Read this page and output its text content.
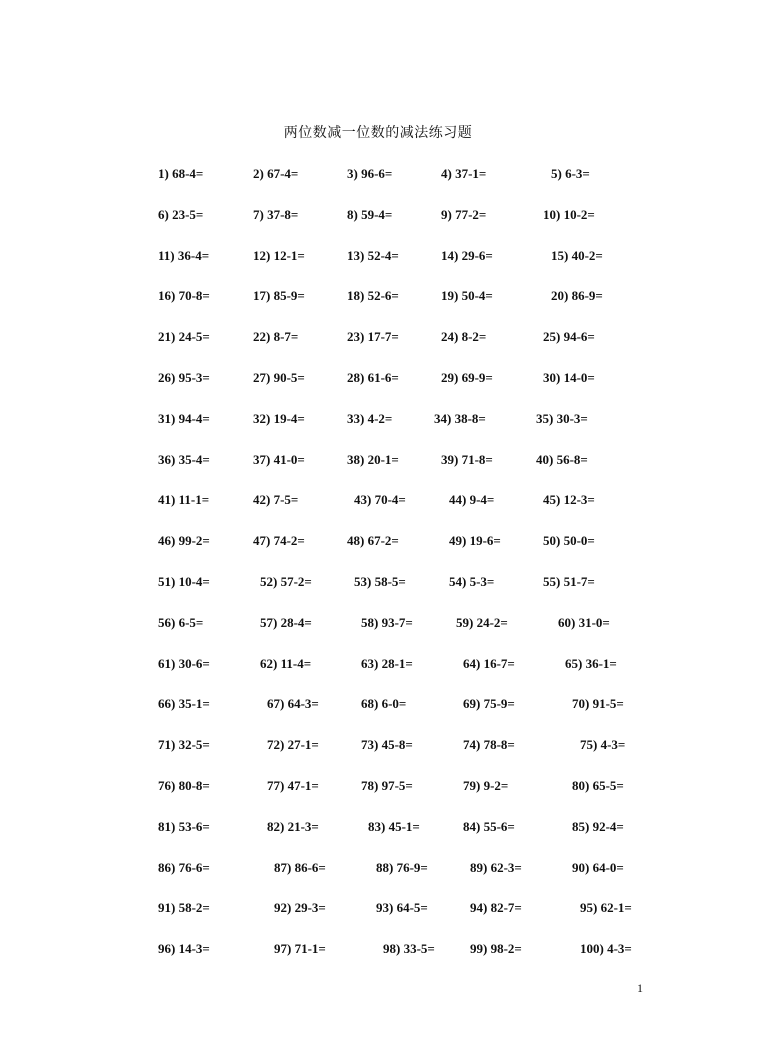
两位数减一位数的减法练习题
1) 68-4=	2) 67-4=	3) 96-6=	4) 37-1=	5) 6-3=
6) 23-5=	7) 37-8=	8) 59-4=	9) 77-2=	10) 10-2=
11) 36-4=	12) 12-1=	13) 52-4=	14) 29-6=	15) 40-2=
16) 70-8=	17) 85-9=	18) 52-6=	19) 50-4=	20) 86-9=
21) 24-5=	22) 8-7=	23) 17-7=	24) 8-2=	25) 94-6=
26) 95-3=	27) 90-5=	28) 61-6=	29) 69-9=	30) 14-0=
31) 94-4=	32) 19-4=	33) 4-2=	34) 38-8=	35) 30-3=
36) 35-4=	37) 41-0=	38) 20-1=	39) 71-8=	40) 56-8=
41) 11-1=	42) 7-5=	43) 70-4=	44) 9-4=	45) 12-3=
46) 99-2=	47) 74-2=	48) 67-2=	49) 19-6=	50) 50-0=
51) 10-4=	52) 57-2=	53) 58-5=	54) 5-3=	55) 51-7=
56) 6-5=	57) 28-4=	58) 93-7=	59) 24-2=	60) 31-0=
61) 30-6=	62) 11-4=	63) 28-1=	64) 16-7=	65) 36-1=
66) 35-1=	67) 64-3=	68) 6-0=	69) 75-9=	70) 91-5=
71) 32-5=	72) 27-1=	73) 45-8=	74) 78-8=	75) 4-3=
76) 80-8=	77) 47-1=	78) 97-5=	79) 9-2=	80) 65-5=
81) 53-6=	82) 21-3=	83) 45-1=	84) 55-6=	85) 92-4=
86) 76-6=	87) 86-6=	88) 76-9=	89) 62-3=	90) 64-0=
91) 58-2=	92) 29-3=	93) 64-5=	94) 82-7=	95) 62-1=
96) 14-3=	97) 71-1=	98) 33-5=	99) 98-2=	100) 4-3=
1
